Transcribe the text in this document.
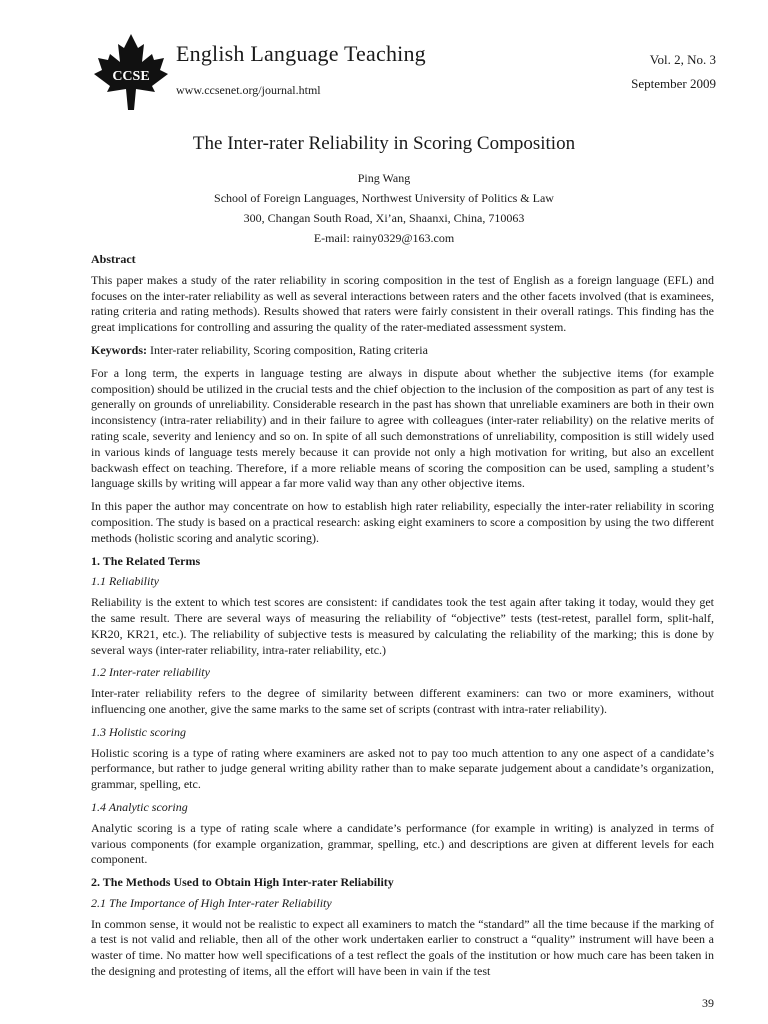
CCSE
English Language Teaching
www.ccsenet.org/journal.html
Vol. 2, No. 3
September 2009
The Inter-rater Reliability in Scoring Composition
Ping Wang
School of Foreign Languages, Northwest University of Politics & Law
300, Changan South Road, Xi’an, Shaanxi, China, 710063
E-mail: rainy0329@163.com
Abstract

This paper makes a study of the rater reliability in scoring composition in the test of English as a foreign language (EFL) and focuses on the inter-rater reliability as well as several interactions between raters and the other facets involved (that is examinees, rating criteria and rating methods). Results showed that raters were fairly consistent in their overall ratings. This finding has the great implications for controlling and assuring the quality of the rater-mediated assessment system.

Keywords: Inter-rater reliability, Scoring composition, Rating criteria

For a long term, the experts in language testing are always in dispute about whether the subjective items (for example composition) should be utilized in the crucial tests and the chief objection to the inclusion of the composition as part of any test is generally on grounds of unreliability. Considerable research in the past has shown that unreliable examiners are both in their own inconsistency (intra-rater reliability) and in their failure to agree with colleagues (inter-rater reliability) on the relative merits of rating scale, severity and leniency and so on. In spite of all such demonstrations of unreliability, composition is still widely used in various kinds of language tests merely because it can provide not only a high motivation for writing, but also an excellent backwash effect on teaching. Therefore, if a more reliable means of scoring the composition can be used, sampling a student’s language skills by writing will appear a far more valid way than any other objective items.

In this paper the author may concentrate on how to establish high rater reliability, especially the inter-rater reliability in scoring composition. The study is based on a practical research: asking eight examiners to score a composition by using the two different methods (holistic scoring and analytic scoring).

1. The Related Terms
1.1 Reliability

Reliability is the extent to which test scores are consistent: if candidates took the test again after taking it today, would they get the same result. There are several ways of measuring the reliability of “objective” tests (test-retest, parallel form, split-half, KR20, KR21, etc.). The reliability of subjective tests is measured by calculating the reliability of the marking; this is done by several ways (inter-rater reliability, intra-rater reliability, etc.)

1.2 Inter-rater reliability

Inter-rater reliability refers to the degree of similarity between different examiners: can two or more examiners, without influencing one another, give the same marks to the same set of scripts (contrast with intra-rater reliability).

1.3 Holistic scoring

Holistic scoring is a type of rating where examiners are asked not to pay too much attention to any one aspect of a candidate’s performance, but rather to judge general writing ability rather than to make separate judgement about a candidate’s organization, grammar, spelling, etc.

1.4 Analytic scoring

Analytic scoring is a type of rating scale where a candidate’s performance (for example in writing) is analyzed in terms of various components (for example organization, grammar, spelling, etc.) and descriptions are given at different levels for each component.

2. The Methods Used to Obtain High Inter-rater Reliability
2.1 The Importance of High Inter-rater Reliability

In common sense, it would not be realistic to expect all examiners to match the “standard” all the time because if the marking of a test is not valid and reliable, then all of the other work undertaken earlier to construct a “quality” instrument will have been a waster of time. No matter how well specifications of a test reflect the goals of the institution or how much care has been taken in the designing and protesting of items, all the effort will have been in vain if the test

39
